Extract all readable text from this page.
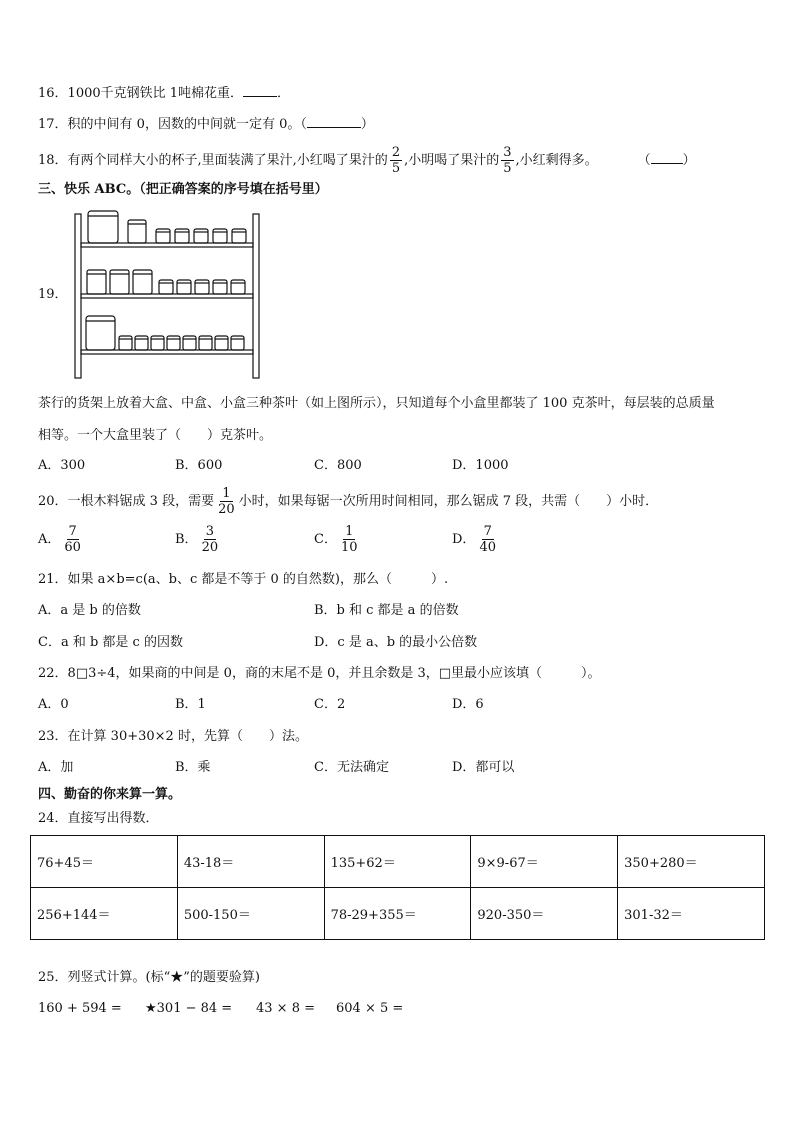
16．1000千克钢铁比 1吨棉花重．	．
17．积的中间有 0，因数的中间就一定有 0。（	）
18．有两个同样大小的杯子,里面装满了果汁,小红喝了果汁的 $\frac{2}{5}$ ,小明喝了果汁的 $\frac{3}{5}$ ,小红剩得多。	（ ）
三、快乐 ABC。（把正确答案的序号填在括号里）
19．
茶行的货架上放着大盒、中盒、小盒三种茶叶（如上图所示），只知道每个小盒里都装了 100 克茶叶，每层装的总质量
相等。一个大盒里装了（　　）克茶叶。
A．300	B．600	C．800	D．1000
20．一根木料锯成 3 段，需要 $\frac{1}{20}$ 小时，如果每锯一次所用时间相同，那么锯成 7 段，共需（　　）小时．
A． $\frac{7}{60}$	B． $\frac{3}{20}$	C． $\frac{1}{10}$	D． $\frac{7}{40}$
21．如果 a×b=c(a、b、c 都是不等于 0 的自然数)，那么（　　　）.
A．a 是 b 的倍数	B．b 和 c 都是 a 的倍数
C．a 和 b 都是 c 的因数	D．c 是 a、b 的最小公倍数
22．8□3÷4，如果商的中间是 0，商的末尾不是 0，并且余数是 3，□里最小应该填（　　　）。
A．0	B．1	C．2	D．6
23．在计算 30+30×2 时，先算（　　）法。
A．加	B．乘	C．无法确定	D．都可以
四、勤奋的你来算一算。
24．直接写出得数．
76+45＝	43-18＝	135+62＝	9×9-67＝	350+280＝
256+144＝	500-150＝	78-29+355＝	920-350＝	301-32＝
25．列竖式计算。(标“★”的题要验算)
160 + 594 = ★301 − 84 = 43 × 8 = 604 × 5 =
